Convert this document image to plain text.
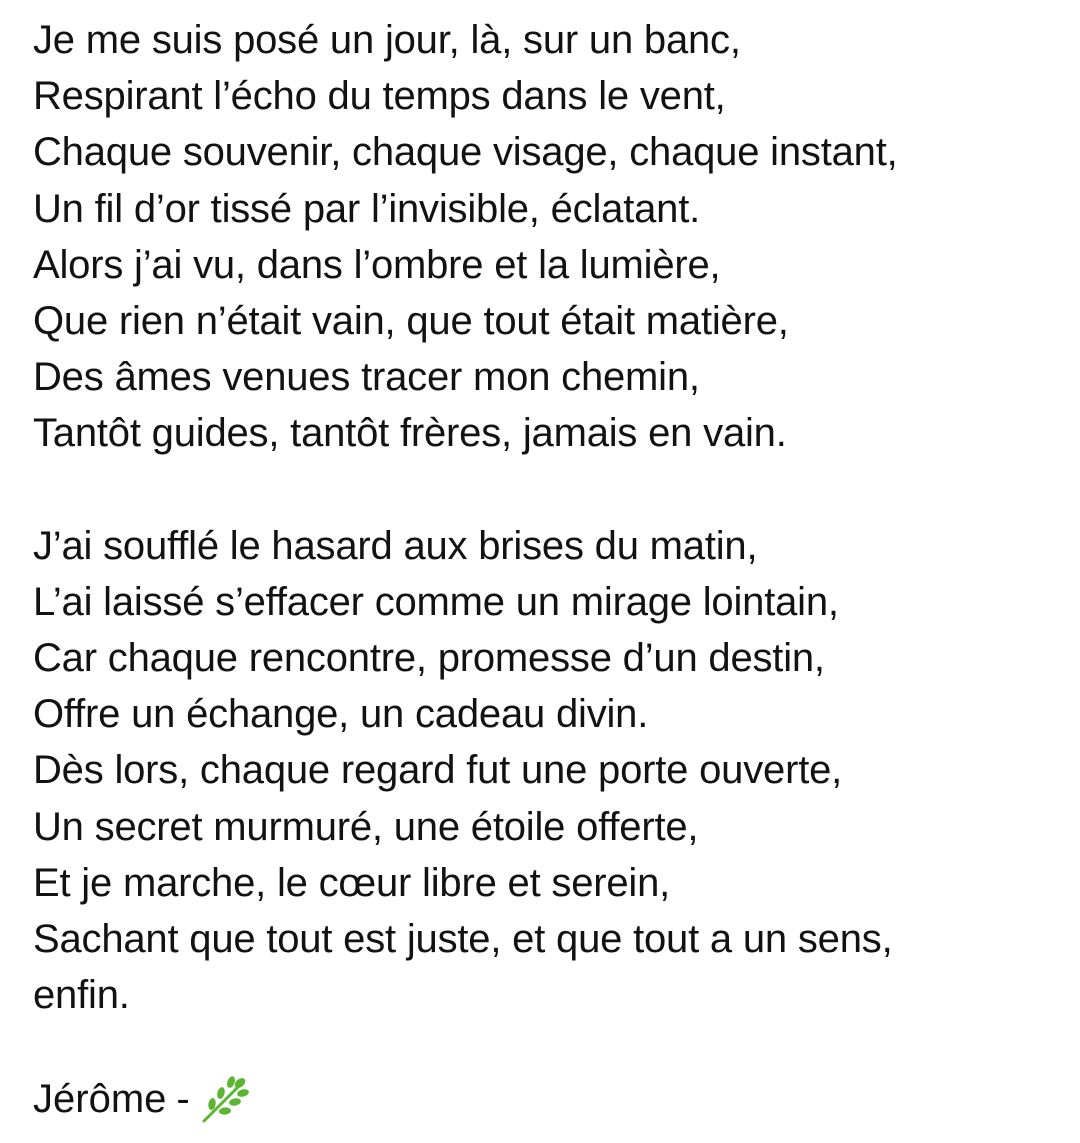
Je me suis posé un jour, là, sur un banc,
Respirant l’écho du temps dans le vent,
Chaque souvenir, chaque visage, chaque instant,
Un fil d’or tissé par l’invisible, éclatant.
Alors j’ai vu, dans l’ombre et la lumière,
Que rien n’était vain, que tout était matière,
Des âmes venues tracer mon chemin,
Tantôt guides, tantôt frères, jamais en vain.

J’ai soufflé le hasard aux brises du matin,
L’ai laissé s’effacer comme un mirage lointain,
Car chaque rencontre, promesse d’un destin,
Offre un échange, un cadeau divin.
Dès lors, chaque regard fut une porte ouverte,
Un secret murmuré, une étoile offerte,
Et je marche, le cœur libre et serein,
Sachant que tout est juste, et que tout a un sens,
enfin.

Jérôme -
